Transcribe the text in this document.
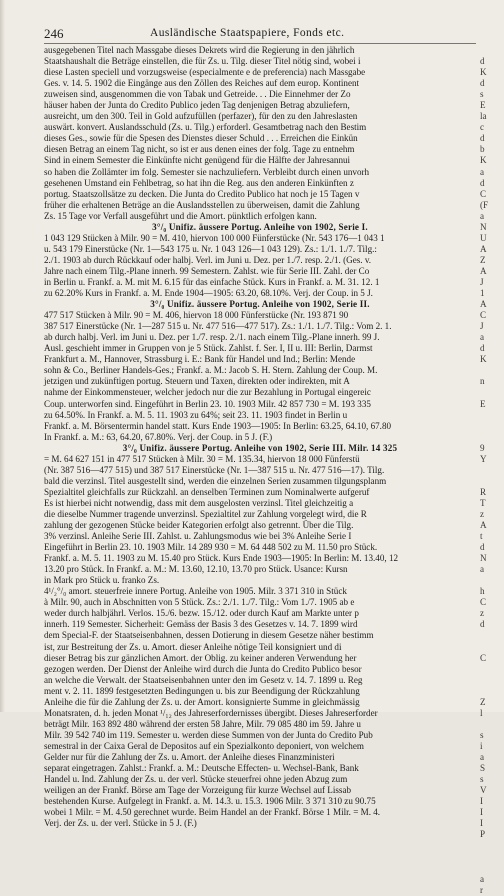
246	Ausländische Staatspapiere, Fonds etc.
ausgegebenen Titel nach Massgabe dieses Dekrets wird die Regierung in den jährlich
Staatshaushalt die Beträge einstellen, die für Zs. u. Tilg. dieser Titel nötig sind, wobei i
diese Lasten speciell und vorzugsweise (especialmente e de preferencia) nach Massgabe
Ges. v. 14. 5. 1902 die Eingänge aus den Zöllen des Reiches auf dem europ. Kontinent
zuweisen sind, ausgenommen die von Tabak und Getreide. . . Die Einnehmer der Zo
häuser haben der Junta do Credito Publico jeden Tag denjenigen Betrag abzuliefern,
ausreicht, um den 300. Teil in Gold aufzufüllen (perfazer), für den zu den Jahreslasten
auswärt. konvert. Auslandsschuld (Zs. u. Tilg.) erforderl. Gesamtbetrag nach den Bestim
dieses Ges., sowie für die Spesen des Dienstes dieser Schuld . . . Erreichen die Einkün
diesen Betrag an einem Tag nicht, so ist er aus denen eines der folg. Tage zu entnehm
Sind in einem Semester die Einkünfte nicht genügend für die Hälfte der Jahresannui
so haben die Zollämter im folg. Semester sie nachzuliefern. Verbleibt durch einen unvorh
gesehenen Umstand ein Fehlbetrag, so hat ihn die Reg. aus den anderen Einkünften z
portug. Staatszollsätze zu decken. Die Junta do Credito Publico hat noch je 15 Tagen v
früher die erhaltenen Beträge an die Auslandsstellen zu überweisen, damit die Zahlung
Zs. 15 Tage vor Verfall ausgeführt und die Amort. pünktlich erfolgen kann.
3°/₀ Unifiz. äussere Portug. Anleihe von 1902, Serie I.
1 043 129 Stücken à Milr. 90 = M. 410, hiervon 100 000 Fünferstücke (Nr. 543 176—1 043 1
u. 543 179 Einerstücke (Nr. 1—543 175 u. Nr. 1 043 126—1 043 129). Zs.: 1./1. 1./7. Tilg.:
2./1. 1903 ab durch Rückkauf oder halbj. Verl. im Juni u. Dez. per 1./7. resp. 2./1. (Ges. v.
Jahre nach einem Tilg.-Plane innerh. 99 Semestern. Zahlst. wie für Serie III. Zahl. der Co
in Berlin u. Frankf. a. M. mit M. 6.15 für das einfache Stück. Kurs in Frankf. a. M. 31. 12. 1
zu 62.20% Kurs in Frankf. a. M. Ende 1904—1905: 63.20, 68.10%. Verj. der Coup. in 5 J.
3°/₀ Unifiz. äussere Portug. Anleihe von 1902, Serie II.
477 517 Stücken à Milr. 90 = M. 406, hiervon 18 000 Fünferstücke (Nr. 193 871 90
387 517 Einerstücke (Nr. 1—287 515 u. Nr. 477 516—477 517). Zs.: 1./1. 1./7. Tilg.: Vom 2. 1.
ab durch halbj. Verl. im Juni u. Dez. per 1./7. resp. 2./1. nach einem Tilg.-Plane innerh. 99 J.
Ausl. geschieht immer in Gruppen von je 5 Stück. Zahlst. f. Ser. I, II u. III: Berlin, Darmst
Frankfurt a. M., Hannover, Strassburg i. E.: Bank für Handel und Ind.; Berlin: Mende
sohn & Co., Berliner Handels-Ges.; Frankf. a. M.: Jacob S. H. Stern. Zahlung der Coup. M.
jetzigen und zukünftigen portug. Steuern und Taxen, direkten oder indirekten, mit A
nahme der Einkommensteuer, welcher jedoch nur die zur Bezahlung in Portugal eingereic
Coup. unterworfen sind. Eingeführt in Berlin 23. 10. 1903 Milr. 42 857 730 = M. 193 335
zu 64.50%. In Frankf. a. M. 5. 11. 1903 zu 64%; seit 23. 11. 1903 findet in Berlin u
Frankf. a. M. Börsentermin handel statt. Kurs Ende 1903—1905: In Berlin: 63.25, 64.10, 67.80
In Frankf. a. M.: 63, 64.20, 67.80%. Verj. der Coup. in 5 J. (F.)
3°/₀ Unifiz. äussere Portug. Anleihe von 1902, Serie III. Milr. 14 325
= M. 64 627 151 in 477 517 Stücken à Milr. 30 = M. 135.34, hiervon 18 000 Fünferstü
(Nr. 387 516—477 515) und 387 517 Einerstücke (Nr. 1—387 515 u. Nr. 477 516—17). Tilg.
bald die verzinsl. Titel ausgestellt sind, werden die einzelnen Serien zusammen tilgungsplanm
Spezialtitel gleichfalls zur Rückzahl. an denselben Terminen zum Nominalwerte aufgeruf
Es ist hierbei nicht notwendig, dass mit dem ausgelosten verzinsl. Titel gleichzeitig a
die dieselbe Nummer tragende unverzinsl. Spezialtitel zur Zahlung vorgelegt wird, die R
zahlung der gezogenen Stücke beider Kategorien erfolgt also getrennt. Über die Tilg.
3% verzinsl. Anleihe Serie III. Zahlst. u. Zahlungsmodus wie bei 3% Anleihe Serie I
Eingeführt in Berlin 23. 10. 1903 Milr. 14 289 930 = M. 64 448 502 zu M. 11.50 pro Stück.
Frankf. a. M. 5. 11. 1903 zu M. 15.40 pro Stück. Kurs Ende 1903—1905: In Berlin: M. 13.40, 12
13.20 pro Stück. In Frankf. a. M.: M. 13.60, 12.10, 13.70 pro Stück. Usance: Kursn
in Mark pro Stück u. franko Zs.
4¹/₂°/₀ amort. steuerfreie innere Portug. Anleihe von 1905. Milr. 3 371 310 in Stück
à Milr. 90, auch in Abschnitten von 5 Stück. Zs.: 2./1. 1./7. Tilg.: Vom 1./7. 1905 ab e
weder durch halbjährl. Verlos. 15./6. bezw. 15./12. oder durch Kauf am Markte unter p
innerh. 119 Semester. Sicherheit: Gemäss der Basis 3 des Gesetzes v. 14. 7. 1899 wird
dem Special-F. der Staatseisenbahnen, dessen Dotierung in diesem Gesetze näher bestimm
ist, zur Bestreitung der Zs. u. Amort. dieser Anleihe nötige Teil konsigniert und di
dieser Betrag bis zur gänzlichen Amort. der Oblig. zu keiner anderen Verwendung her
gezogen werden. Der Dienst der Anleihe wird durch die Junta do Credito Publico besor
an welche die Verwalt. der Staatseisenbahnen unter den im Gesetz v. 14. 7. 1899 u. Reg
ment v. 2. 11. 1899 festgesetzten Bedingungen u. bis zur Beendigung der Rückzahlung
Anleihe die für die Zahlung der Zs. u. der Amort. konsignierte Summe in gleichmässig
Monatsraten, d. h. jeden Monat ¹/₁₂ des Jahreserfordernisses übergibt. Dieses Jahreserforder
beträgt Milr. 163 892 480 während der ersten 58 Jahre, Milr. 79 085 480 im 59. Jahre u
Milr. 39 542 740 im 119. Semester u. werden diese Summen von der Junta do Credito Pub
semestral in der Caixa Geral de Depositos auf ein Spezialkonto deponiert, von welchem
Gelder nur für die Zahlung der Zs. u. Amort. der Anleihe dieses Finanzministeri
separat eingetragen. Zahlst.: Frankf. a. M.: Deutsche Effecten- u. Wechsel-Bank, Bank
Handel u. Ind. Zahlung der Zs. u. der verl. Stücke steuerfrei ohne jeden Abzug zum
weiligen an der Frankf. Börse am Tage der Vorzeigung für kurze Wechsel auf Lissab
bestehenden Kurse. Aufgelegt in Frankf. a. M. 14.3. u. 15.3. 1906 Milr. 3 371 310 zu 90.75
wobei 1 Milr. = M. 4.50 gerechnet wurde. Beim Handel an der Frankf. Börse 1 Milr. = M. 4.
Verj. der Zs. u. der verl. Stücke in 5 J. (F.)
d
K
d
s
E
la
c
d
b
K
a
d
C
(F
a
N
U
A
Z
A
J
1
A
C
J
a
d
K
n
E
9
Y
R
T
z
A
t
d
N
a
h
C
z
d
C
Z
l
s
i
a
S
s
V
I
I
I
P
a
r
